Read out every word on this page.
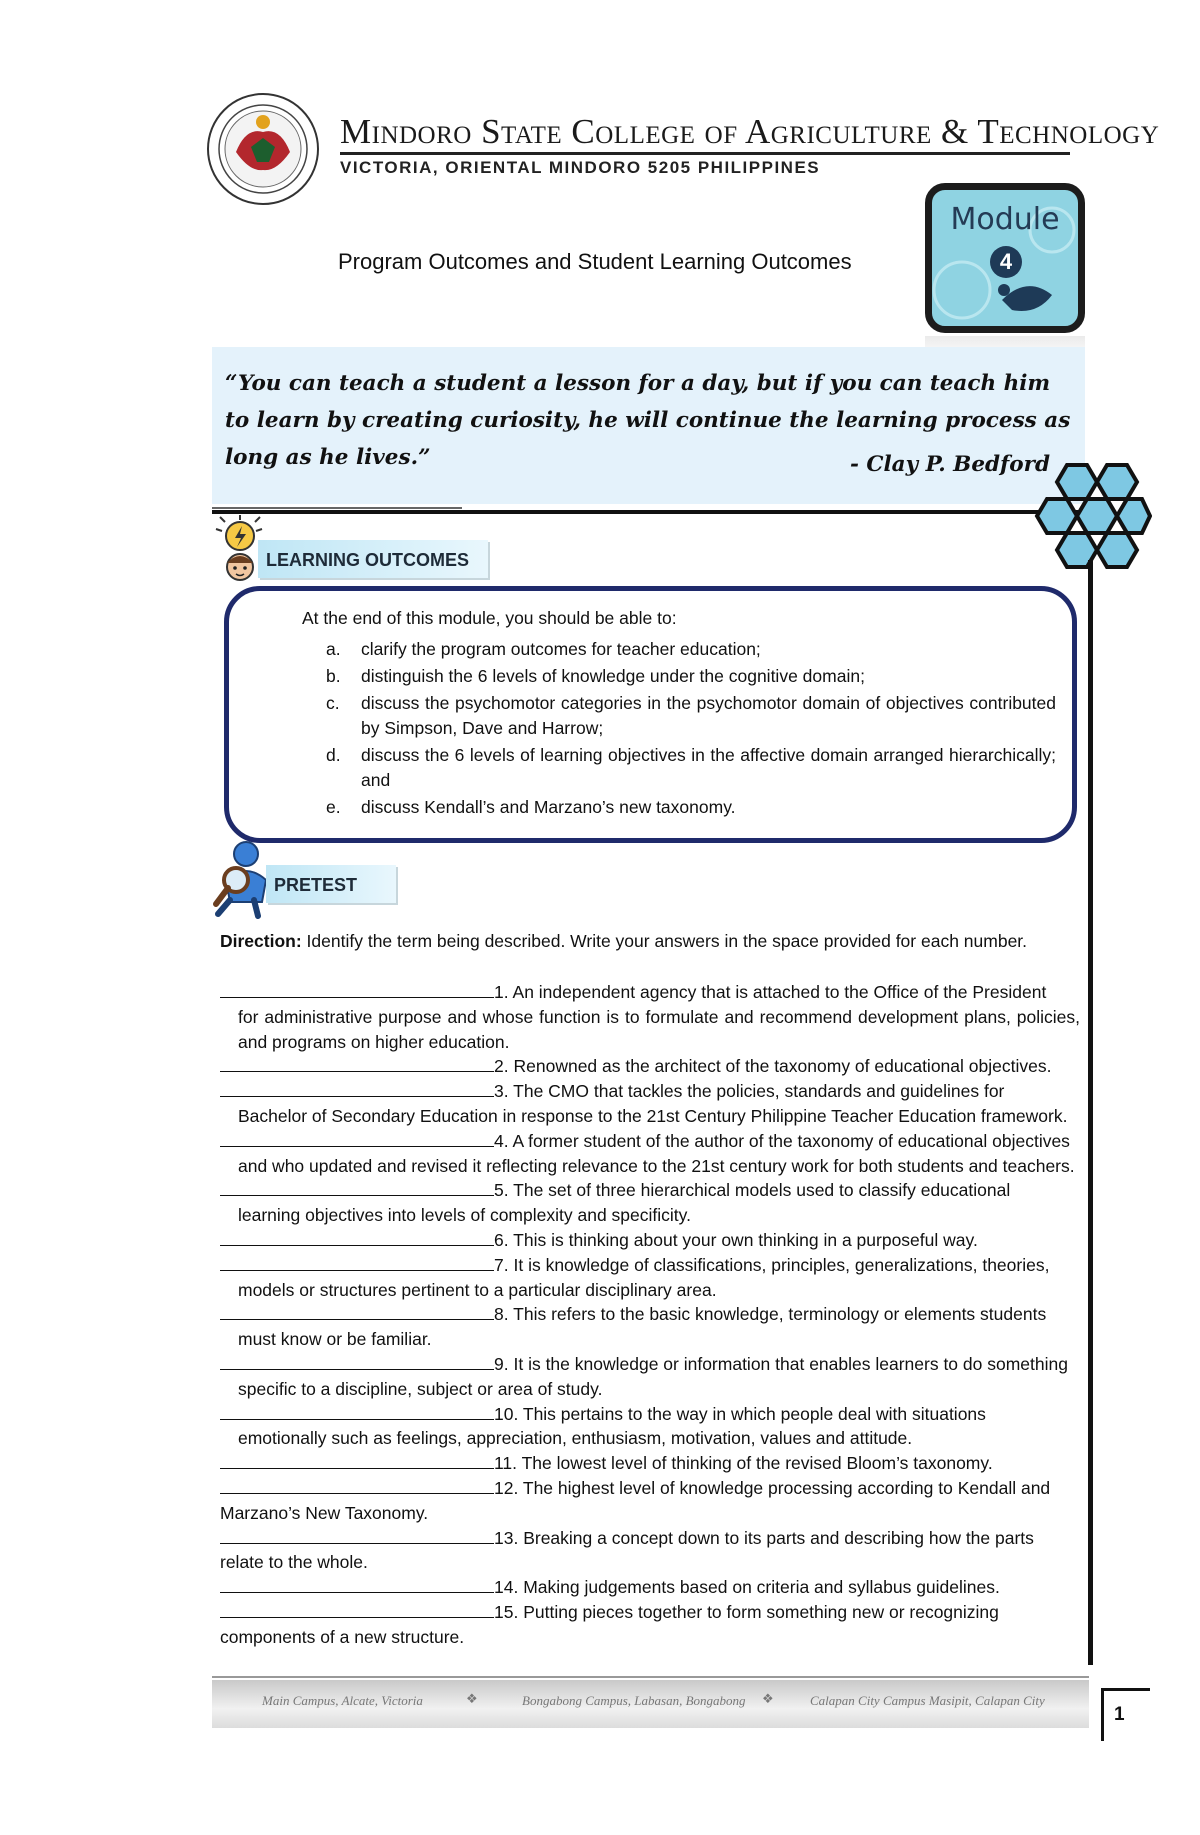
Mindoro State College of Agriculture & Technology
VICTORIA, ORIENTAL MINDORO 5205 PHILIPPINES
Program Outcomes and Student Learning Outcomes
Module
4
“You can teach a student a lesson for a day, but if you can teach him to learn by creating curiosity, he will continue the learning process as long as he lives.”	- Clay P. Bedford
LEARNING OUTCOMES
At the end of this module, you should be able to:
a. clarify the program outcomes for teacher education;
b. distinguish the 6 levels of knowledge under the cognitive domain;
c. discuss the psychomotor categories in the psychomotor domain of objectives contributed by Simpson, Dave and Harrow;
d. discuss the 6 levels of learning objectives in the affective domain arranged hierarchically; and
e. discuss Kendall’s and Marzano’s new taxonomy.
PRETEST
Direction: Identify the term being described. Write your answers in the space provided for each number.
1. An independent agency that is attached to the Office of the President
for administrative purpose and whose function is to formulate and recommend development plans, policies, and programs on higher education.
2. Renowned as the architect of the taxonomy of educational objectives.
3. The CMO that tackles the policies, standards and guidelines for
Bachelor of Secondary Education in response to the 21st Century Philippine Teacher Education framework.
4. A former student of the author of the taxonomy of educational objectives
and who updated and revised it reflecting relevance to the 21st century work for both students and teachers.
5. The set of three hierarchical models used to classify educational
learning objectives into levels of complexity and specificity.
6. This is thinking about your own thinking in a purposeful way.
7. It is knowledge of classifications, principles, generalizations, theories,
models or structures pertinent to a particular disciplinary area.
8. This refers to the basic knowledge, terminology or elements students
must know or be familiar.
9. It is the knowledge or information that enables learners to do something
specific to a discipline, subject or area of study.
10. This pertains to the way in which people deal with situations
emotionally such as feelings, appreciation, enthusiasm, motivation, values and attitude.
11. The lowest level of thinking of the revised Bloom’s taxonomy.
12. The highest level of knowledge processing according to Kendall and
Marzano’s New Taxonomy.
13. Breaking a concept down to its parts and describing how the parts
relate to the whole.
14. Making judgements based on criteria and syllabus guidelines.
15. Putting pieces together to form something new or recognizing
components of a new structure.
Main Campus, Alcate, Victoria	❖	Bongabong Campus, Labasan, Bongabong ❖	Calapan City Campus Masipit, Calapan City
1
